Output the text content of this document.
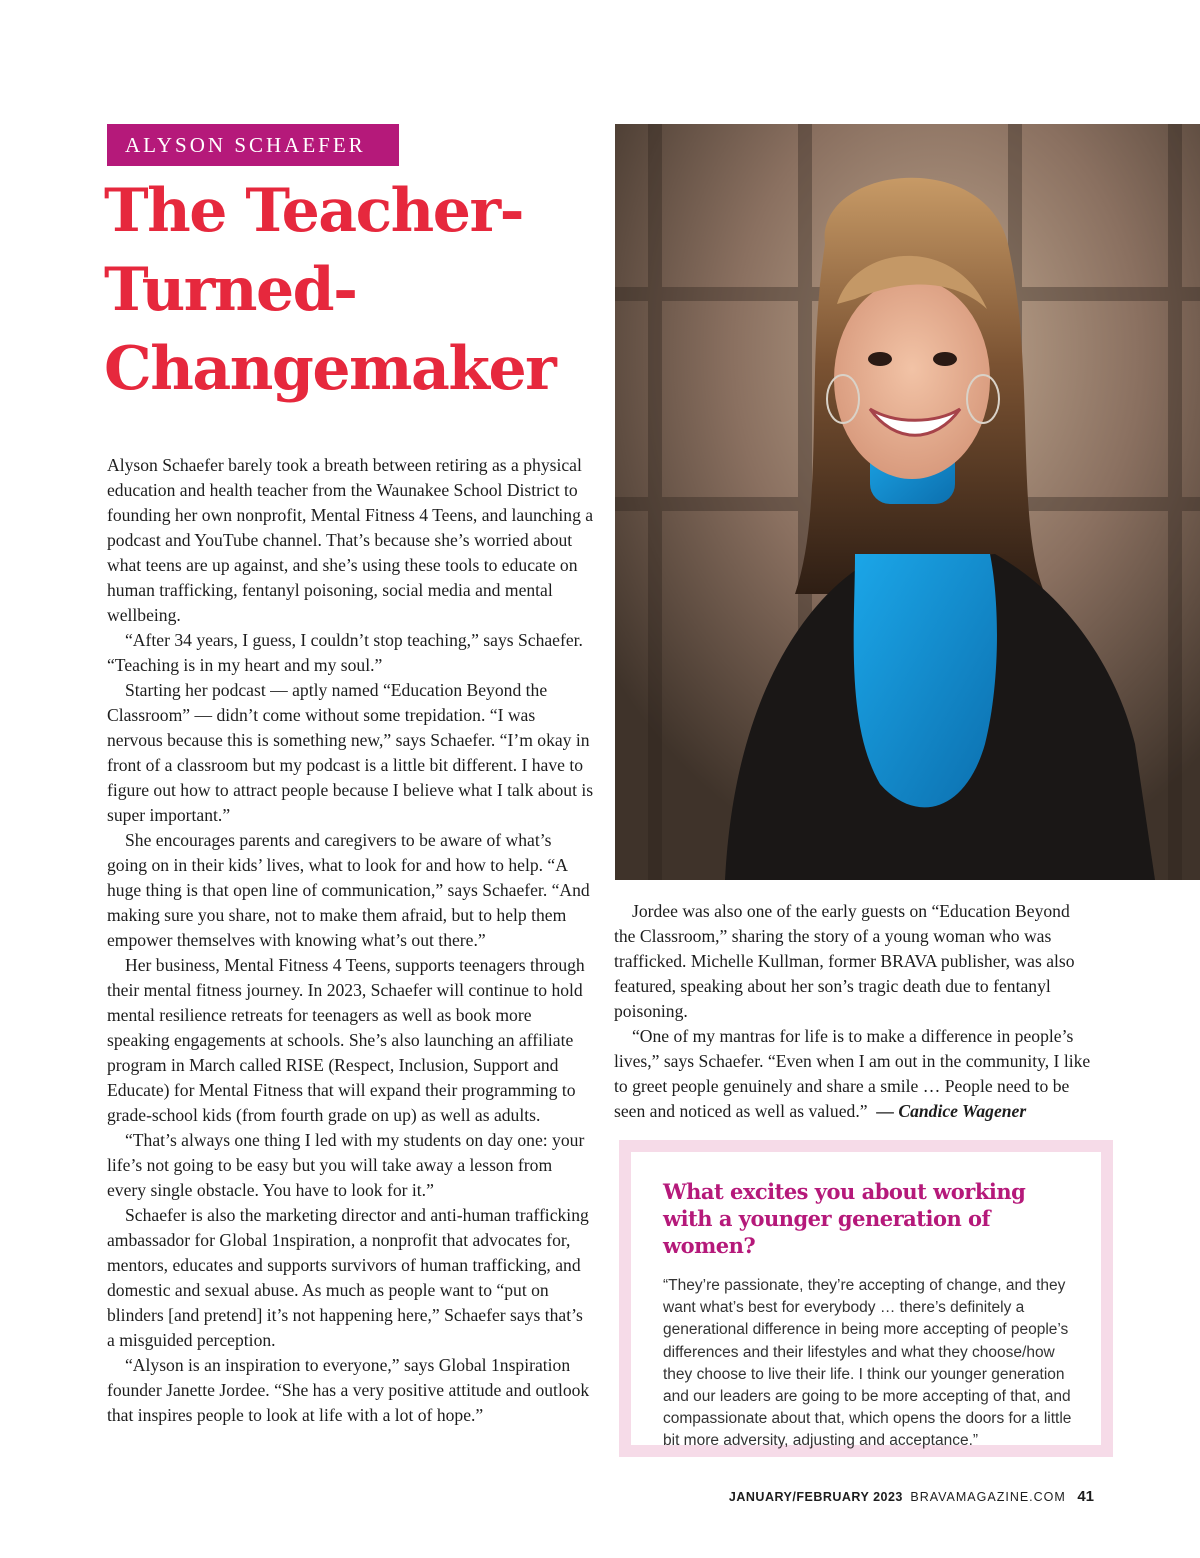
ALYSON SCHAEFER
The Teacher-
Turned-
Changemaker

Alyson Schaefer barely took a breath between retiring as a physical education and health teacher from the Waunakee School District to founding her own nonprofit, Mental Fitness 4 Teens, and launching a podcast and YouTube channel. That’s because she’s worried about what teens are up against, and she’s using these tools to educate on human trafficking, fentanyl poisoning, social media and mental wellbeing.

“After 34 years, I guess, I couldn’t stop teaching,” says Schaefer. “Teaching is in my heart and my soul.”

Starting her podcast — aptly named “Education Beyond the Classroom” — didn’t come without some trepidation. “I was nervous because this is something new,” says Schaefer. “I’m okay in front of a classroom but my podcast is a little bit different. I have to figure out how to attract people because I believe what I talk about is super important.”

She encourages parents and caregivers to be aware of what’s going on in their kids’ lives, what to look for and how to help. “A huge thing is that open line of communication,” says Schaefer. “And making sure you share, not to make them afraid, but to help them empower themselves with knowing what’s out there.”

Her business, Mental Fitness 4 Teens, supports teenagers through their mental fitness journey. In 2023, Schaefer will continue to hold mental resilience retreats for teenagers as well as book more speaking engagements at schools. She’s also launching an affiliate program in March called RISE (Respect, Inclusion, Support and Educate) for Mental Fitness that will expand their programming to grade-school kids (from fourth grade on up) as well as adults.

“That’s always one thing I led with my students on day one: your life’s not going to be easy but you will take away a lesson from every single obstacle. You have to look for it.”

Schaefer is also the marketing director and anti-human trafficking ambassador for Global 1nspiration, a nonprofit that advocates for, mentors, educates and supports survivors of human trafficking, and domestic and sexual abuse. As much as people want to “put on blinders [and pretend] it’s not happening here,” Schaefer says that’s a misguided perception.

“Alyson is an inspiration to everyone,” says Global 1nspiration founder Janette Jordee. “She has a very positive attitude and outlook that inspires people to look at life with a lot of hope.”

Jordee was also one of the early guests on “Education Beyond the Classroom,” sharing the story of a young woman who was trafficked. Michelle Kullman, former BRAVA publisher, was also featured, speaking about her son’s tragic death due to fentanyl poisoning.

“One of my mantras for life is to make a difference in people’s lives,” says Schaefer. “Even when I am out in the community, I like to greet people genuinely and share a smile … People need to be seen and noticed as well as valued.” — Candice Wagener

What excites you about working with a younger generation of women?

“They’re passionate, they’re accepting of change, and they want what’s best for everybody … there’s definitely a generational difference in being more accepting of people’s differences and their lifestyles and what they choose/how they choose to live their life. I think our younger generation and our leaders are going to be more accepting of that, and compassionate about that, which opens the doors for a little bit more adversity, adjusting and acceptance.”

JANUARY/FEBRUARY 2023 BRAVAMAGAZINE.COM 41
